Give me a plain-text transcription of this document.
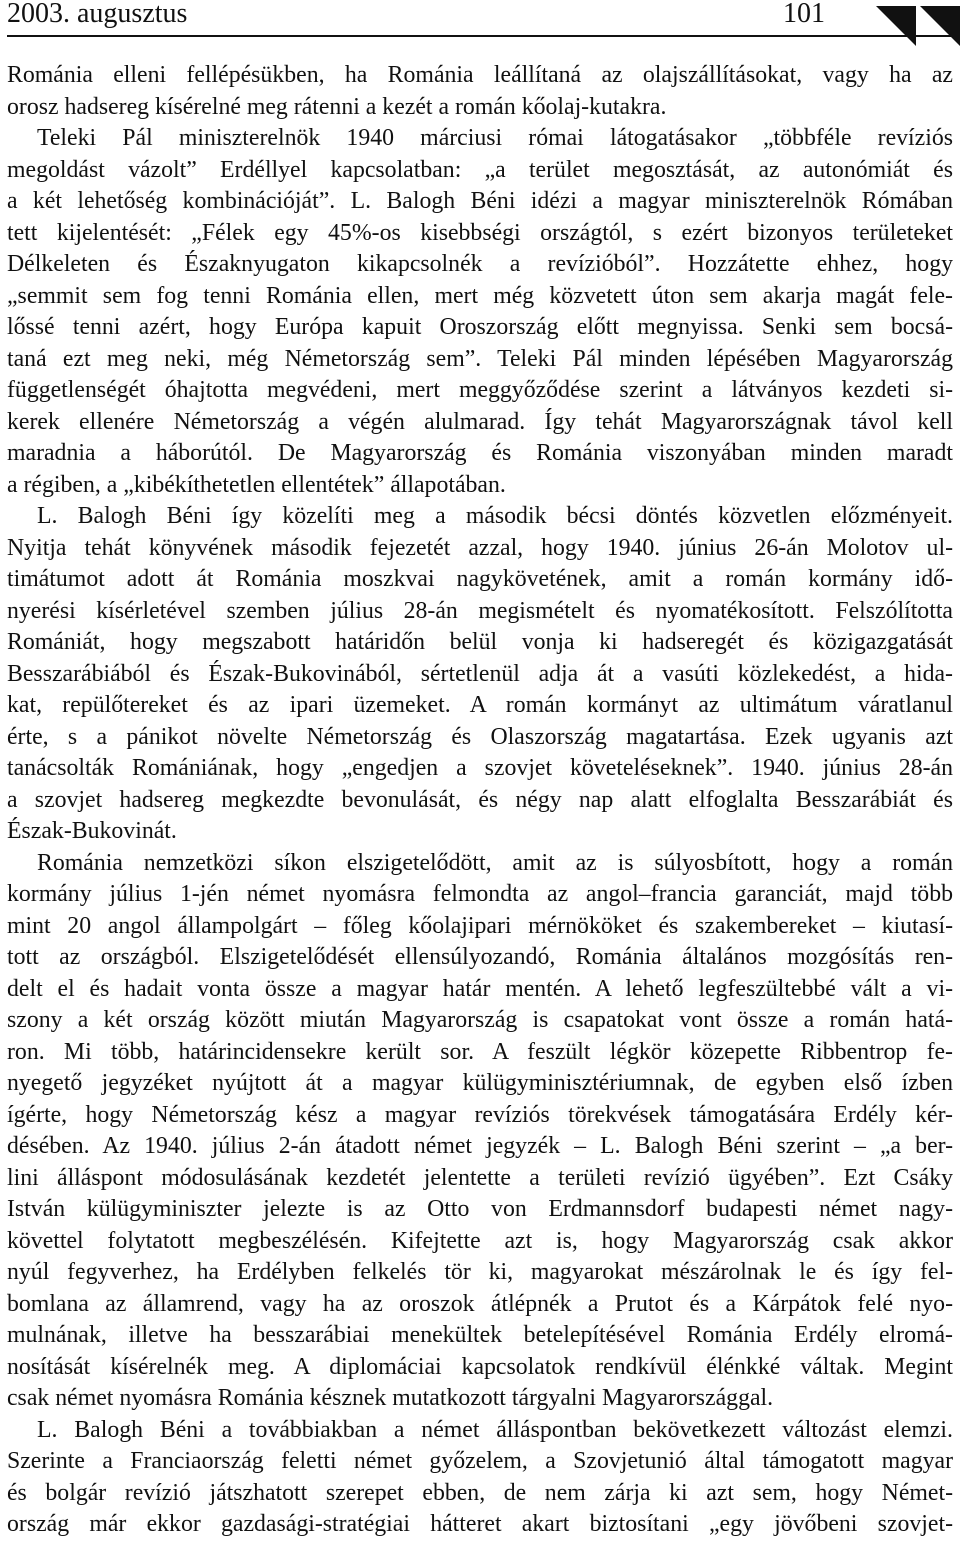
2003. augusztus	101
Románia elleni fellépésükben, ha Románia leállítaná az olajszállításokat, vagy ha az
orosz hadsereg kísérelné meg rátenni a kezét a román kőolaj-kutakra.
Teleki Pál miniszterelnök 1940 márciusi római látogatásakor „többféle revíziós
megoldást vázolt” Erdéllyel kapcsolatban: „a terület megosztását, az autonómiát és
a két lehetőség kombinációját”. L. Balogh Béni idézi a magyar miniszterelnök Rómában
tett kijelentését: „Félek egy 45%-os kisebbségi országtól, s ezért bizonyos területeket
Délkeleten és Északnyugaton kikapcsolnék a revízióból”. Hozzátette ehhez, hogy
„semmit sem fog tenni Románia ellen, mert még közvetett úton sem akarja magát fele-
lőssé tenni azért, hogy Európa kapuit Oroszország előtt megnyissa. Senki sem bocsá-
taná ezt meg neki, még Németország sem”. Teleki Pál minden lépésében Magyarország
függetlenségét óhajtotta megvédeni, mert meggyőződése szerint a látványos kezdeti si-
kerek ellenére Németország a végén alulmarad. Így tehát Magyarországnak távol kell
maradnia a háborútól. De Magyarország és Románia viszonyában minden maradt
a régiben, a „kibékíthetetlen ellentétek” állapotában.
L. Balogh Béni így közelíti meg a második bécsi döntés közvetlen előzményeit.
Nyitja tehát könyvének második fejezetét azzal, hogy 1940. június 26-án Molotov ul-
timátumot adott át Románia moszkvai nagykövetének, amit a román kormány idő-
nyerési kísérletével szemben július 28-án megismételt és nyomatékosított. Felszólította
Romániát, hogy megszabott határidőn belül vonja ki hadseregét és közigazgatását
Besszarábiából és Észak-Bukovinából, sértetlenül adja át a vasúti közlekedést, a hida-
kat, repülőtereket és az ipari üzemeket. A román kormányt az ultimátum váratlanul
érte, s a pánikot növelte Németország és Olaszország magatartása. Ezek ugyanis azt
tanácsolták Romániának, hogy „engedjen a szovjet követeléseknek”. 1940. június 28-án
a szovjet hadsereg megkezdte bevonulását, és négy nap alatt elfoglalta Besszarábiát és
Észak-Bukovinát.
Románia nemzetközi síkon elszigetelődött, amit az is súlyosbított, hogy a román
kormány július 1-jén német nyomásra felmondta az angol–francia garanciát, majd több
mint 20 angol állampolgárt – főleg kőolajipari mérnököket és szakembereket – kiutasí-
tott az országból. Elszigetelődését ellensúlyozandó, Románia általános mozgósítás ren-
delt el és hadait vonta össze a magyar határ mentén. A lehető legfeszültebbé vált a vi-
szony a két ország között miután Magyarország is csapatokat vont össze a román hatá-
ron. Mi több, határincidensekre került sor. A feszült légkör közepette Ribbentrop fe-
nyegető jegyzéket nyújtott át a magyar külügyminisztériumnak, de egyben első ízben
ígérte, hogy Németország kész a magyar revíziós törekvések támogatására Erdély kér-
désében. Az 1940. július 2-án átadott német jegyzék – L. Balogh Béni szerint – „a ber-
lini álláspont módosulásának kezdetét jelentette a területi revízió ügyében”. Ezt Csáky
István külügyminiszter jelezte is az Otto von Erdmannsdorf budapesti német nagy-
követtel folytatott megbeszélésén. Kifejtette azt is, hogy Magyarország csak akkor
nyúl fegyverhez, ha Erdélyben felkelés tör ki, magyarokat mészárolnak le és így fel-
bomlana az államrend, vagy ha az oroszok átlépnék a Prutot és a Kárpátok felé nyo-
mulnának, illetve ha besszarábiai menekültek betelepítésével Románia Erdély elromá-
nosítását kísérelnék meg. A diplomáciai kapcsolatok rendkívül élénkké váltak. Megint
csak német nyomásra Románia késznek mutatkozott tárgyalni Magyarországgal.
L. Balogh Béni a továbbiakban a német álláspontban bekövetkezett változást elemzi.
Szerinte a Franciaország feletti német győzelem, a Szovjetunió által támogatott magyar
és bolgár revízió játszhatott szerepet ebben, de nem zárja ki azt sem, hogy Német-
ország már ekkor gazdasági-stratégiai hátteret akart biztosítani „egy jövőbeni szovjet-
